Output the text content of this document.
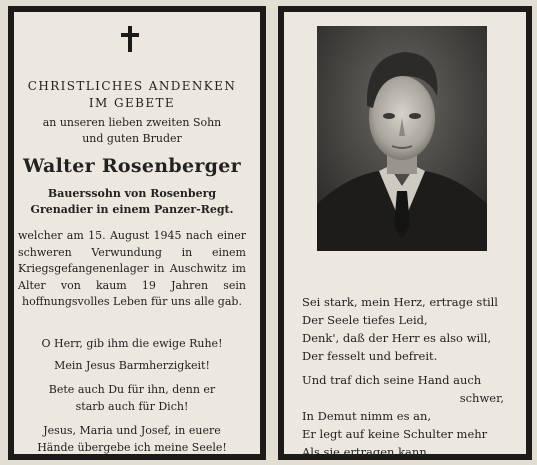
CHRISTLICHES ANDENKEN
IM GEBETE
an unseren lieben zweiten Sohn
und guten Bruder
Walter Rosenberger
Bauerssohn von Rosenberg
Grenadier in einem Panzer-Regt.
welcher am 15. August 1945 nach einer schweren Verwundung in einem Kriegsgefangenenlager in Auschwitz im Alter von kaum 19 Jahren sein hoffnungsvolles Leben für uns alle gab.
O Herr, gib ihm die ewige Ruhe!
Mein Jesus Barmherzigkeit!
Bete auch Du für ihn, denn er starb auch für Dich!
Jesus, Maria und Josef, in euere Hände übergebe ich meine Seele!
Sei stark, mein Herz, ertrage still
Der Seele tiefes Leid,
Denk', daß der Herr es also will,
Der fesselt und befreit.
Und traf dich seine Hand auch
schwer,
In Demut nimm es an,
Er legt auf keine Schulter mehr
Als sie ertragen kann.
